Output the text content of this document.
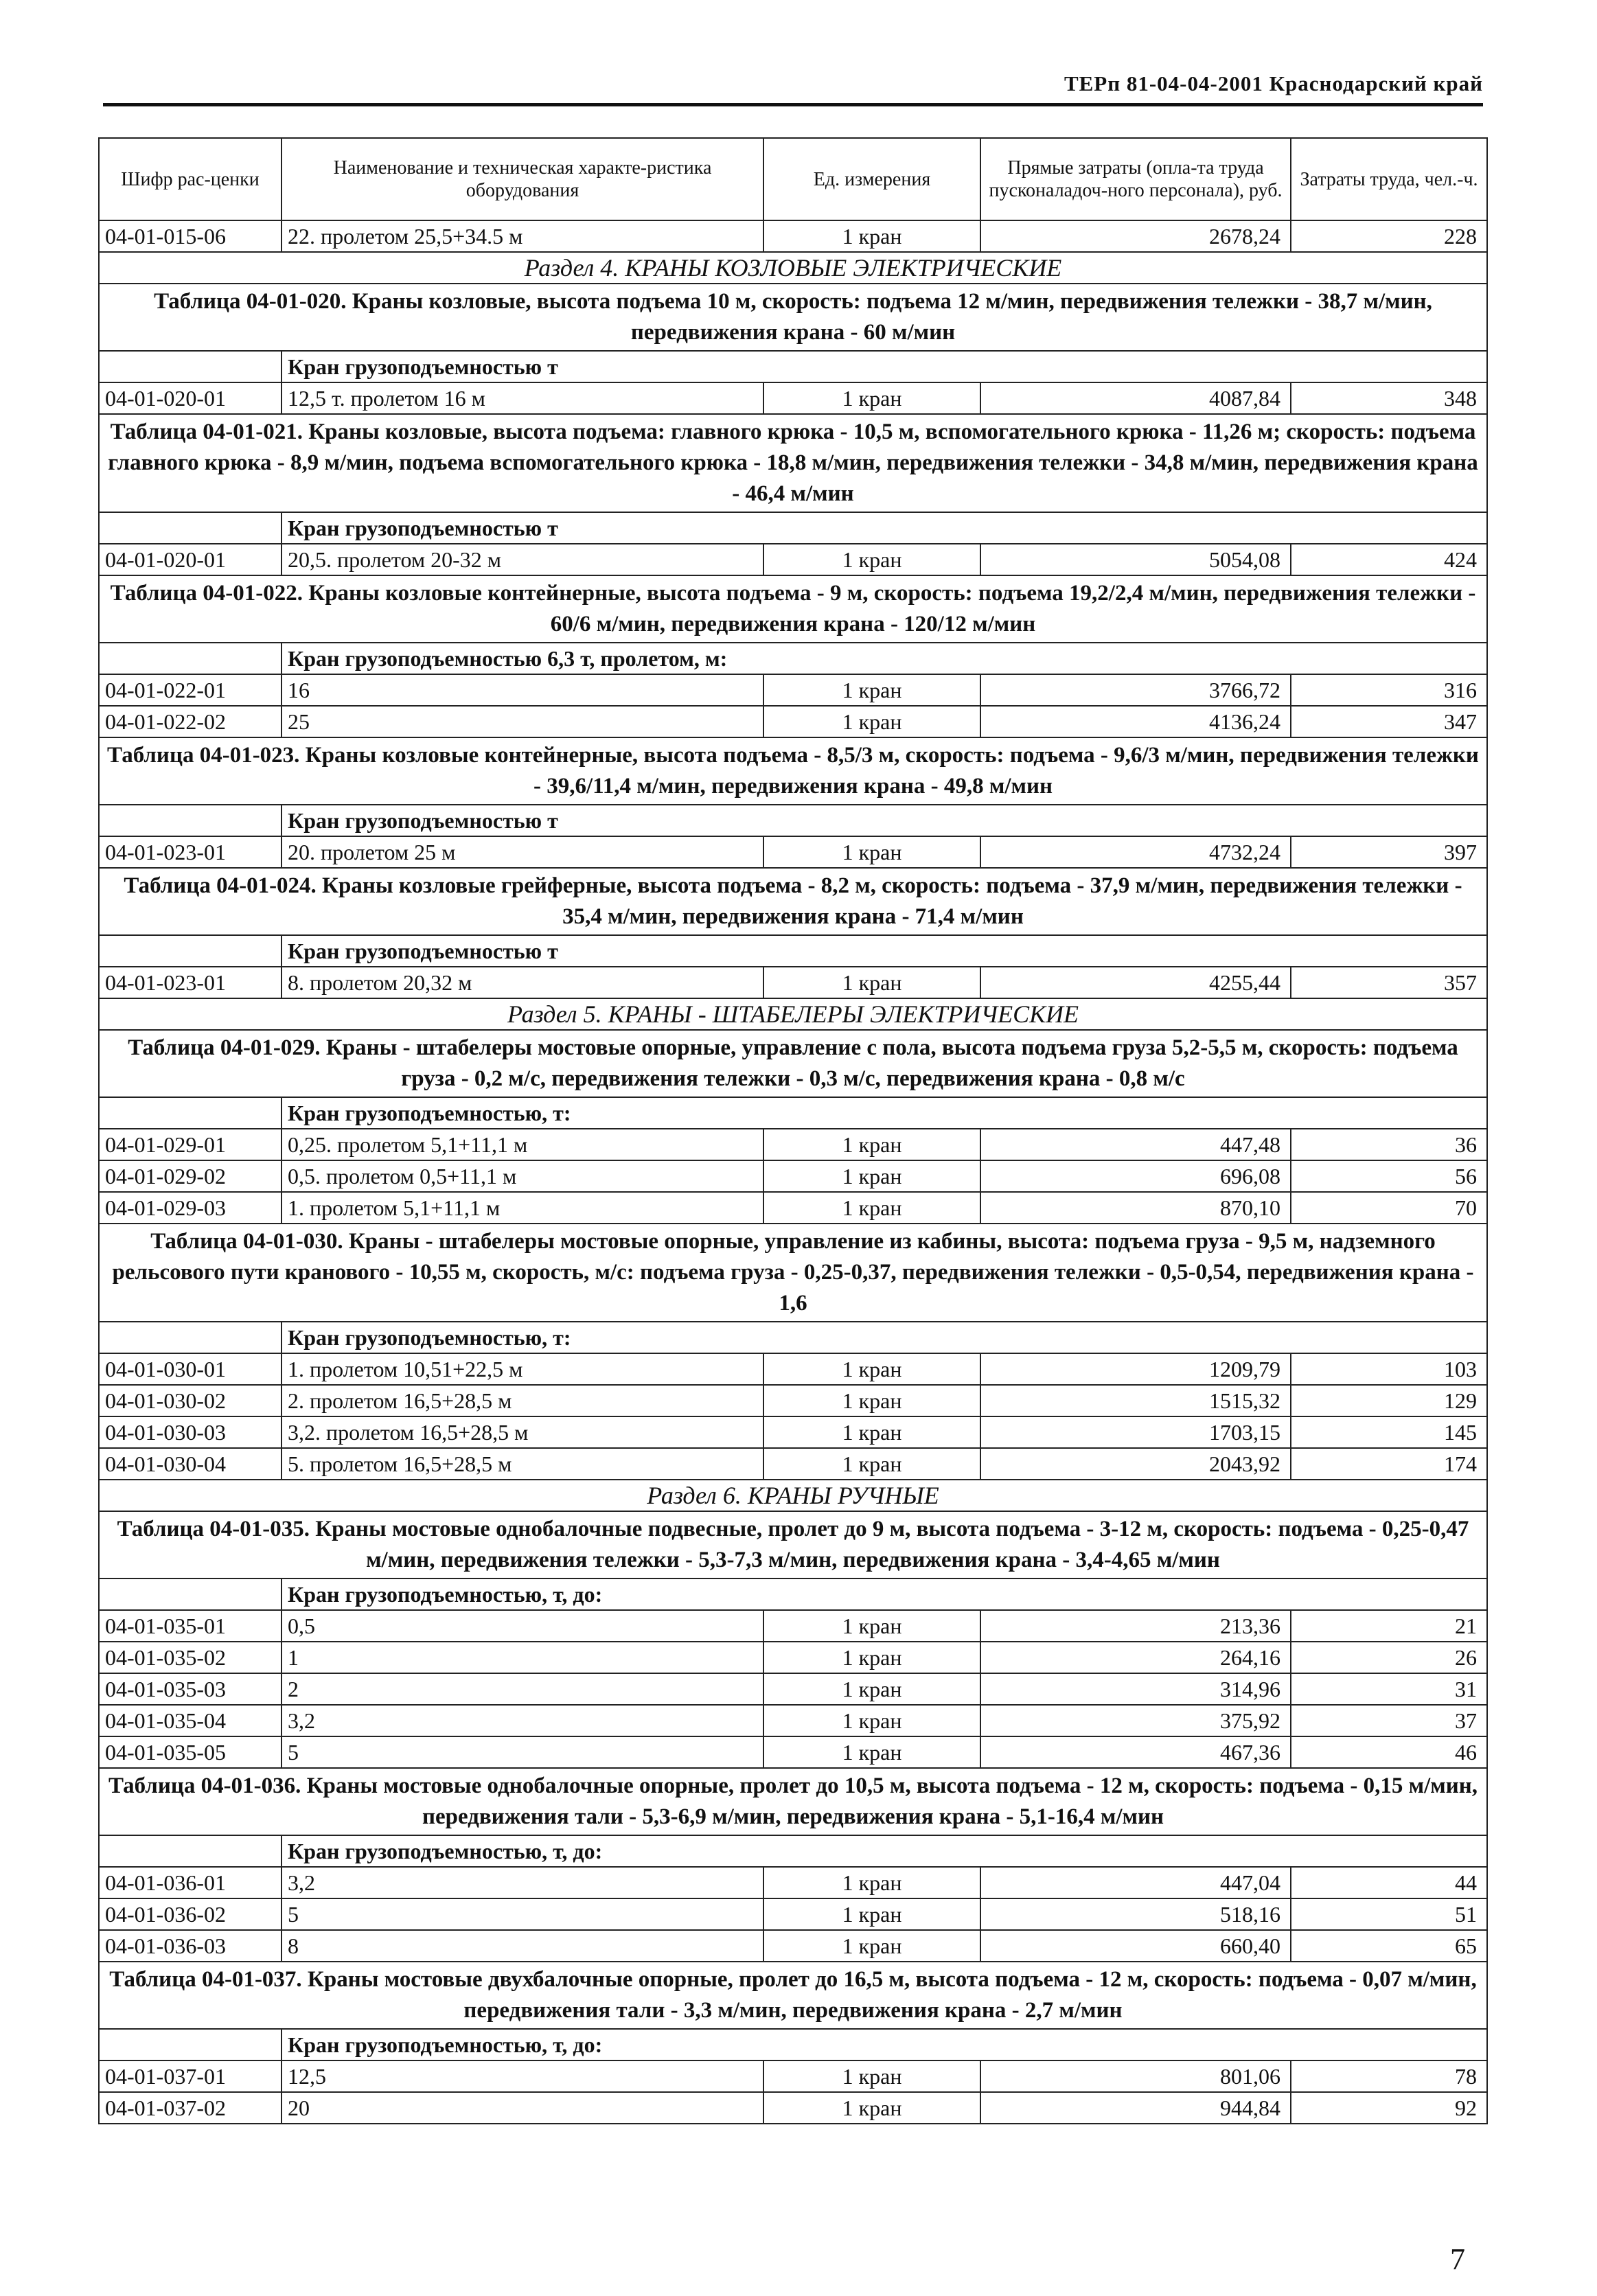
ТЕРп 81-04-04-2001 Краснодарский край
Шифр рас-ценки	Наименование и техническая характе-ристика оборудования	Ед. измерения	Прямые затраты (опла-та труда пусконаладоч-ного персонала), руб.	Затраты труда, чел.-ч.
04-01-015-06	22. пролетом 25,5+34.5 м	1 кран	2678,24	228
Раздел 4. КРАНЫ КОЗЛОВЫЕ ЭЛЕКТРИЧЕСКИЕ				
Таблица 04-01-020. Краны козловые, высота подъема 10 м, скорость: подъема 12 м/мин, передвижения тележки - 38,7 м/мин, передвижения крана - 60 м/мин				
	Кран грузоподъемностью т			
04-01-020-01	12,5 т. пролетом 16 м	1 кран	4087,84	348
Таблица 04-01-021. Краны козловые, высота подъема: главного крюка - 10,5 м, вспомогательного крюка - 11,26 м; скорость: подъема главного крюка - 8,9 м/мин, подъема вспомогательного крюка - 18,8 м/мин, передвижения тележки - 34,8 м/мин, передвижения крана - 46,4 м/мин				
	Кран грузоподъемностью т			
04-01-020-01	20,5. пролетом 20-32 м	1 кран	5054,08	424
Таблица 04-01-022. Краны козловые контейнерные, высота подъема - 9 м, скорость: подъема 19,2/2,4 м/мин, передвижения тележки - 60/6 м/мин, передвижения крана - 120/12 м/мин				
	Кран грузоподъемностью 6,3 т, пролетом, м:			
04-01-022-01	16	1 кран	3766,72	316
04-01-022-02	25	1 кран	4136,24	347
Таблица 04-01-023. Краны козловые контейнерные, высота подъема - 8,5/3 м, скорость: подъема - 9,6/3 м/мин, передвижения тележки - 39,6/11,4 м/мин, передвижения крана - 49,8 м/мин				
	Кран грузоподъемностью т			
04-01-023-01	20. пролетом 25 м	1 кран	4732,24	397
Таблица 04-01-024. Краны козловые грейферные, высота подъема - 8,2 м, скорость: подъема - 37,9 м/мин, передвижения тележки - 35,4 м/мин, передвижения крана - 71,4 м/мин				
	Кран грузоподъемностью т			
04-01-023-01	8. пролетом 20,32 м	1 кран	4255,44	357
Раздел 5. КРАНЫ - ШТАБЕЛЕРЫ ЭЛЕКТРИЧЕСКИЕ				
Таблица 04-01-029. Краны - штабелеры мостовые опорные, управление с пола, высота подъема груза 5,2-5,5 м, скорость: подъема груза - 0,2 м/с, передвижения тележки - 0,3 м/с, передвижения крана - 0,8 м/с				
	Кран грузоподъемностью, т:			
04-01-029-01	0,25. пролетом 5,1+11,1 м	1 кран	447,48	36
04-01-029-02	0,5. пролетом 0,5+11,1 м	1 кран	696,08	56
04-01-029-03	1. пролетом 5,1+11,1 м	1 кран	870,10	70
Таблица 04-01-030. Краны - штабелеры мостовые опорные, управление из кабины, высота: подъема груза - 9,5 м, надземного рельсового пути кранового - 10,55 м, скорость, м/с: подъема груза - 0,25-0,37, передвижения тележки - 0,5-0,54, передвижения крана - 1,6				
	Кран грузоподъемностью, т:			
04-01-030-01	1. пролетом 10,51+22,5 м	1 кран	1209,79	103
04-01-030-02	2. пролетом 16,5+28,5 м	1 кран	1515,32	129
04-01-030-03	3,2. пролетом 16,5+28,5 м	1 кран	1703,15	145
04-01-030-04	5. пролетом 16,5+28,5 м	1 кран	2043,92	174
Раздел 6. КРАНЫ РУЧНЫЕ				
Таблица 04-01-035. Краны мостовые однобалочные подвесные, пролет до 9 м, высота подъема - 3-12 м, скорость: подъема - 0,25-0,47 м/мин, передвижения тележки - 5,3-7,3 м/мин, передвижения крана - 3,4-4,65 м/мин				
	Кран грузоподъемностью, т, до:			
04-01-035-01	0,5	1 кран	213,36	21
04-01-035-02	1	1 кран	264,16	26
04-01-035-03	2	1 кран	314,96	31
04-01-035-04	3,2	1 кран	375,92	37
04-01-035-05	5	1 кран	467,36	46
Таблица 04-01-036. Краны мостовые однобалочные опорные, пролет до 10,5 м, высота подъема - 12 м, скорость: подъема - 0,15 м/мин, передвижения тали - 5,3-6,9 м/мин, передвижения крана - 5,1-16,4 м/мин				
	Кран грузоподъемностью, т, до:			
04-01-036-01	3,2	1 кран	447,04	44
04-01-036-02	5	1 кран	518,16	51
04-01-036-03	8	1 кран	660,40	65
Таблица 04-01-037. Краны мостовые двухбалочные опорные, пролет до 16,5 м, высота подъема - 12 м, скорость: подъема - 0,07 м/мин, передвижения тали - 3,3 м/мин, передвижения крана - 2,7 м/мин				
	Кран грузоподъемностью, т, до:			
04-01-037-01	12,5	1 кран	801,06	78
04-01-037-02	20	1 кран	944,84	92
7
